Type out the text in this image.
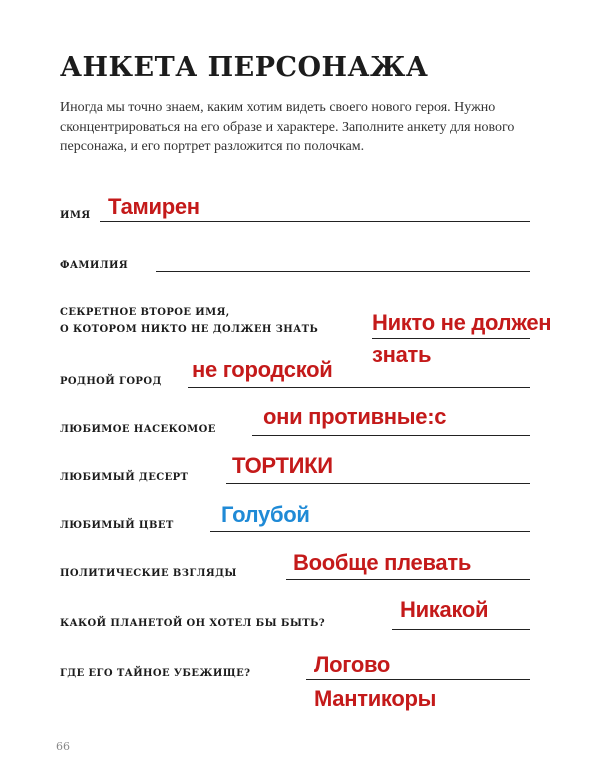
АНКЕТА ПЕРСОНАЖА

Иногда мы точно знаем, каким хотим видеть своего нового героя. Нужно сконцентрироваться на его образе и характере. Заполните анкету для нового персонажа, и его портрет разложится по полочкам.

ИМЯ Тамирен
ФАМИЛИЯ
СЕКРЕТНОЕ ВТОРОЕ ИМЯ,
О КОТОРОМ НИКТО НЕ ДОЛЖЕН ЗНАТЬ Никто не должен
знать
РОДНОЙ ГОРОД не городской
ЛЮБИМОЕ НАСЕКОМОЕ
они противные:с
ЛЮБИМЫЙ ДЕСЕРТ ТОРТИКИ
ЛЮБИМЫЙ ЦВЕТ Голубой
ПОЛИТИЧЕСКИЕ ВЗГЛЯДЫ	Вообще плевать
КАКОЙ ПЛАНЕТОЙ ОН ХОТЕЛ БЫ БЫТЬ?
Никакой
ГДЕ ЕГО ТАЙНОЕ УБЕЖИЩЕ?	Логово
Мантикоры
66
